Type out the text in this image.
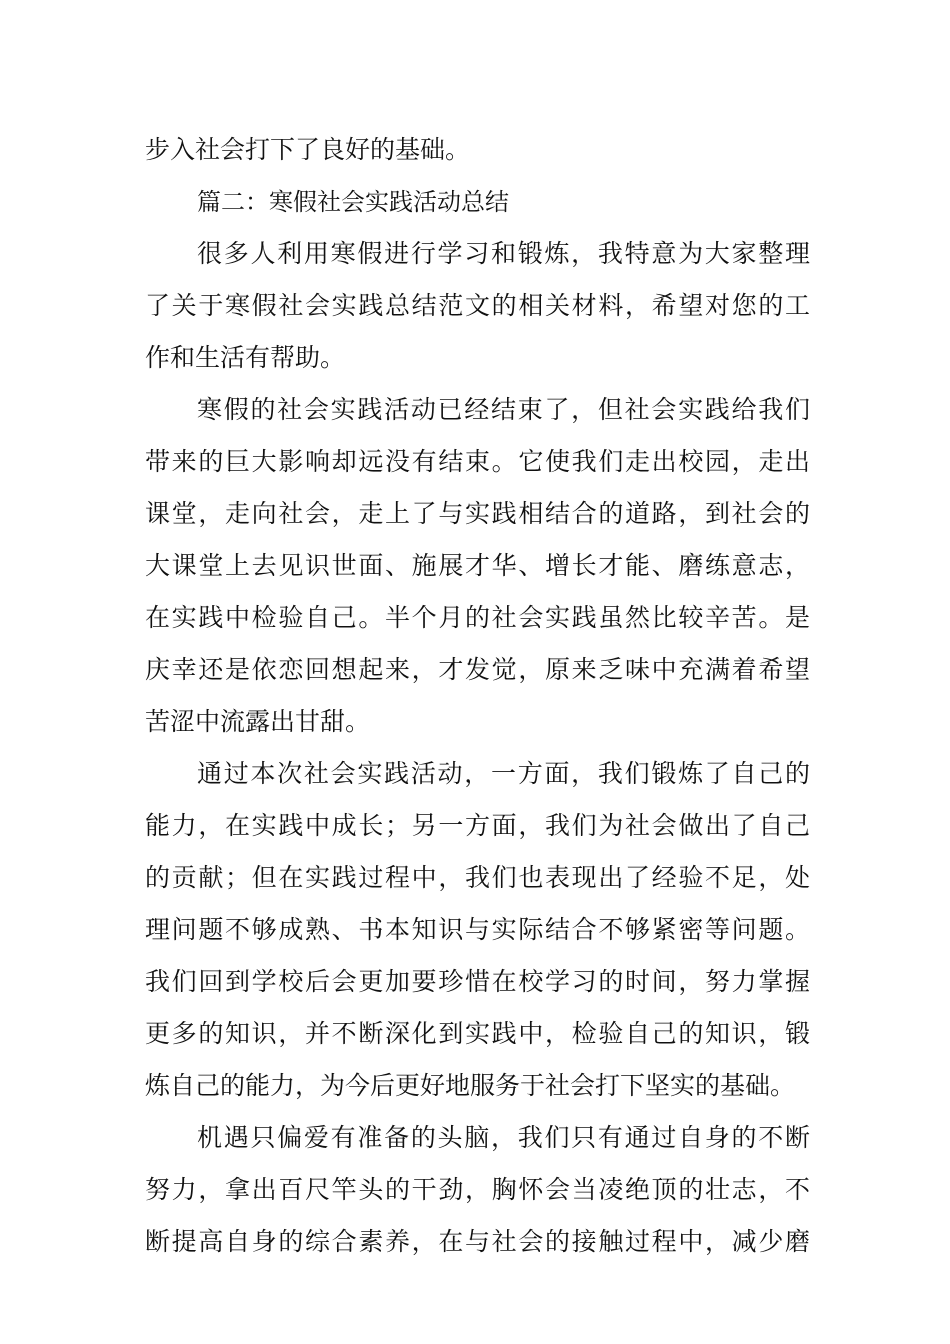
步入社会打下了良好的基础。
篇二：寒假社会实践活动总结
很多人利用寒假进行学习和锻炼，我特意为大家整理
了关于寒假社会实践总结范文的相关材料，希望对您的工
作和生活有帮助。
寒假的社会实践活动已经结束了，但社会实践给我们
带来的巨大影响却远没有结束。它使我们走出校园，走出
课堂，走向社会，走上了与实践相结合的道路，到社会的
大课堂上去见识世面、施展才华、增长才能、磨练意志，
在实践中检验自己。半个月的社会实践虽然比较辛苦。是
庆幸还是依恋回想起来，才发觉，原来乏味中充满着希望
苦涩中流露出甘甜。
通过本次社会实践活动，一方面，我们锻炼了自己的
能力，在实践中成长；另一方面，我们为社会做出了自己
的贡献；但在实践过程中，我们也表现出了经验不足，处
理问题不够成熟、书本知识与实际结合不够紧密等问题。
我们回到学校后会更加要珍惜在校学习的时间，努力掌握
更多的知识，并不断深化到实践中，检验自己的知识，锻
炼自己的能力，为今后更好地服务于社会打下坚实的基础。
机遇只偏爱有准备的头脑，我们只有通过自身的不断
努力，拿出百尺竿头的干劲，胸怀会当凌绝顶的壮志，不
断提高自身的综合素养，在与社会的接触过程中，减少磨
